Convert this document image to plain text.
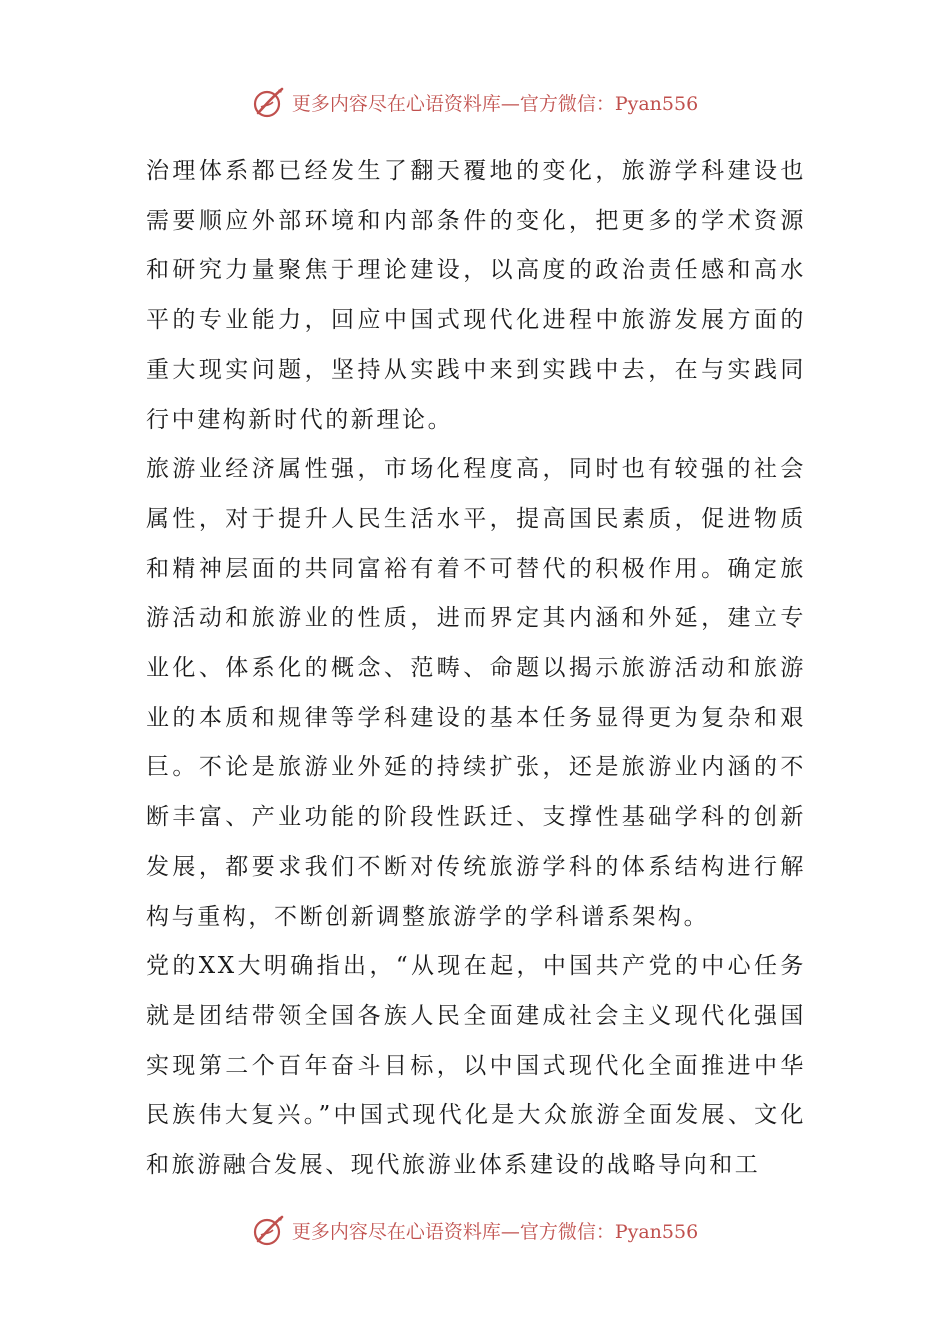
更多内容尽在心语资料库—官方微信：Pyan556

治理体系都已经发生了翻天覆地的变化，旅游学科建设也需要顺应外部环境和内部条件的变化，把更多的学术资源和研究力量聚焦于理论建设，以高度的政治责任感和高水平的专业能力，回应中国式现代化进程中旅游发展方面的重大现实问题，坚持从实践中来到实践中去，在与实践同行中建构新时代的新理论。

旅游业经济属性强，市场化程度高，同时也有较强的社会属性，对于提升人民生活水平，提高国民素质，促进物质和精神层面的共同富裕有着不可替代的积极作用。确定旅游活动和旅游业的性质，进而界定其内涵和外延，建立专业化、体系化的概念、范畴、命题以揭示旅游活动和旅游业的本质和规律等学科建设的基本任务显得更为复杂和艰巨。不论是旅游业外延的持续扩张，还是旅游业内涵的不断丰富、产业功能的阶段性跃迁、支撑性基础学科的创新发展，都要求我们不断对传统旅游学科的体系结构进行解构与重构，不断创新调整旅游学的学科谱系架构。

党的XX大明确指出，“从现在起，中国共产党的中心任务就是团结带领全国各族人民全面建成社会主义现代化强国实现第二个百年奋斗目标，以中国式现代化全面推进中华民族伟大复兴。”中国式现代化是大众旅游全面发展、文化和旅游融合发展、现代旅游业体系建设的战略导向和工

更多内容尽在心语资料库—官方微信：Pyan556
